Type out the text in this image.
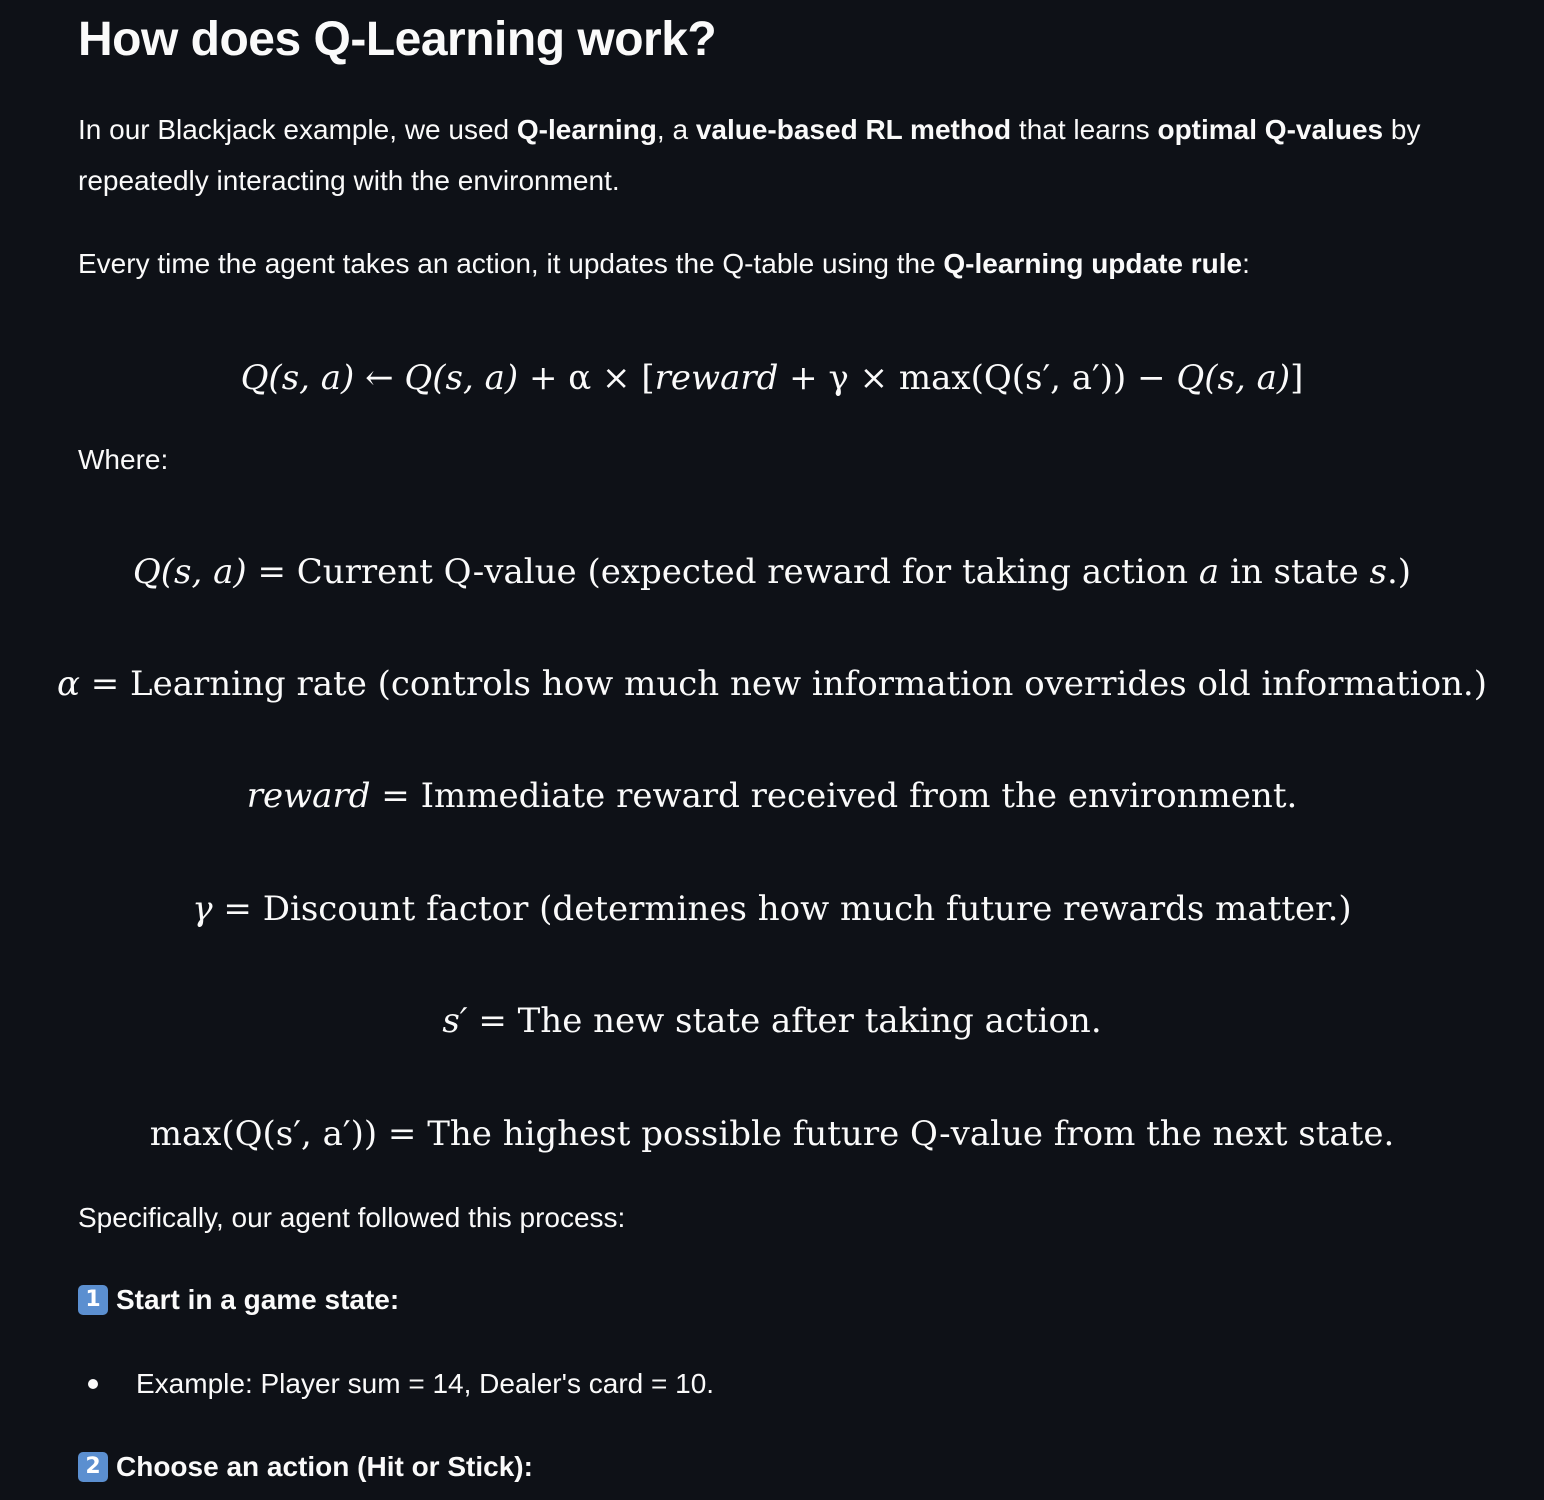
How does Q-Learning work?

In our Blackjack example, we used Q-learning, a value-based RL method that learns optimal Q-values by repeatedly interacting with the environment.

Every time the agent takes an action, it updates the Q-table using the Q-learning update rule:

Q(s, a) ← Q(s, a) + α × [reward + γ × max(Q(s′, a′)) − Q(s, a)]

Where:

Q(s, a) = Current Q-value (expected reward for taking action a in state s.)
α = Learning rate (controls how much new information overrides old information.)
reward = Immediate reward received from the environment.
γ = Discount factor (determines how much future rewards matter.)
s′ = The new state after taking action.
max(Q(s′, a′)) = The highest possible future Q-value from the next state.

Specifically, our agent followed this process:

1 Start in a game state:
Example: Player sum = 14, Dealer's card = 10.
2 Choose an action (Hit or Stick):
